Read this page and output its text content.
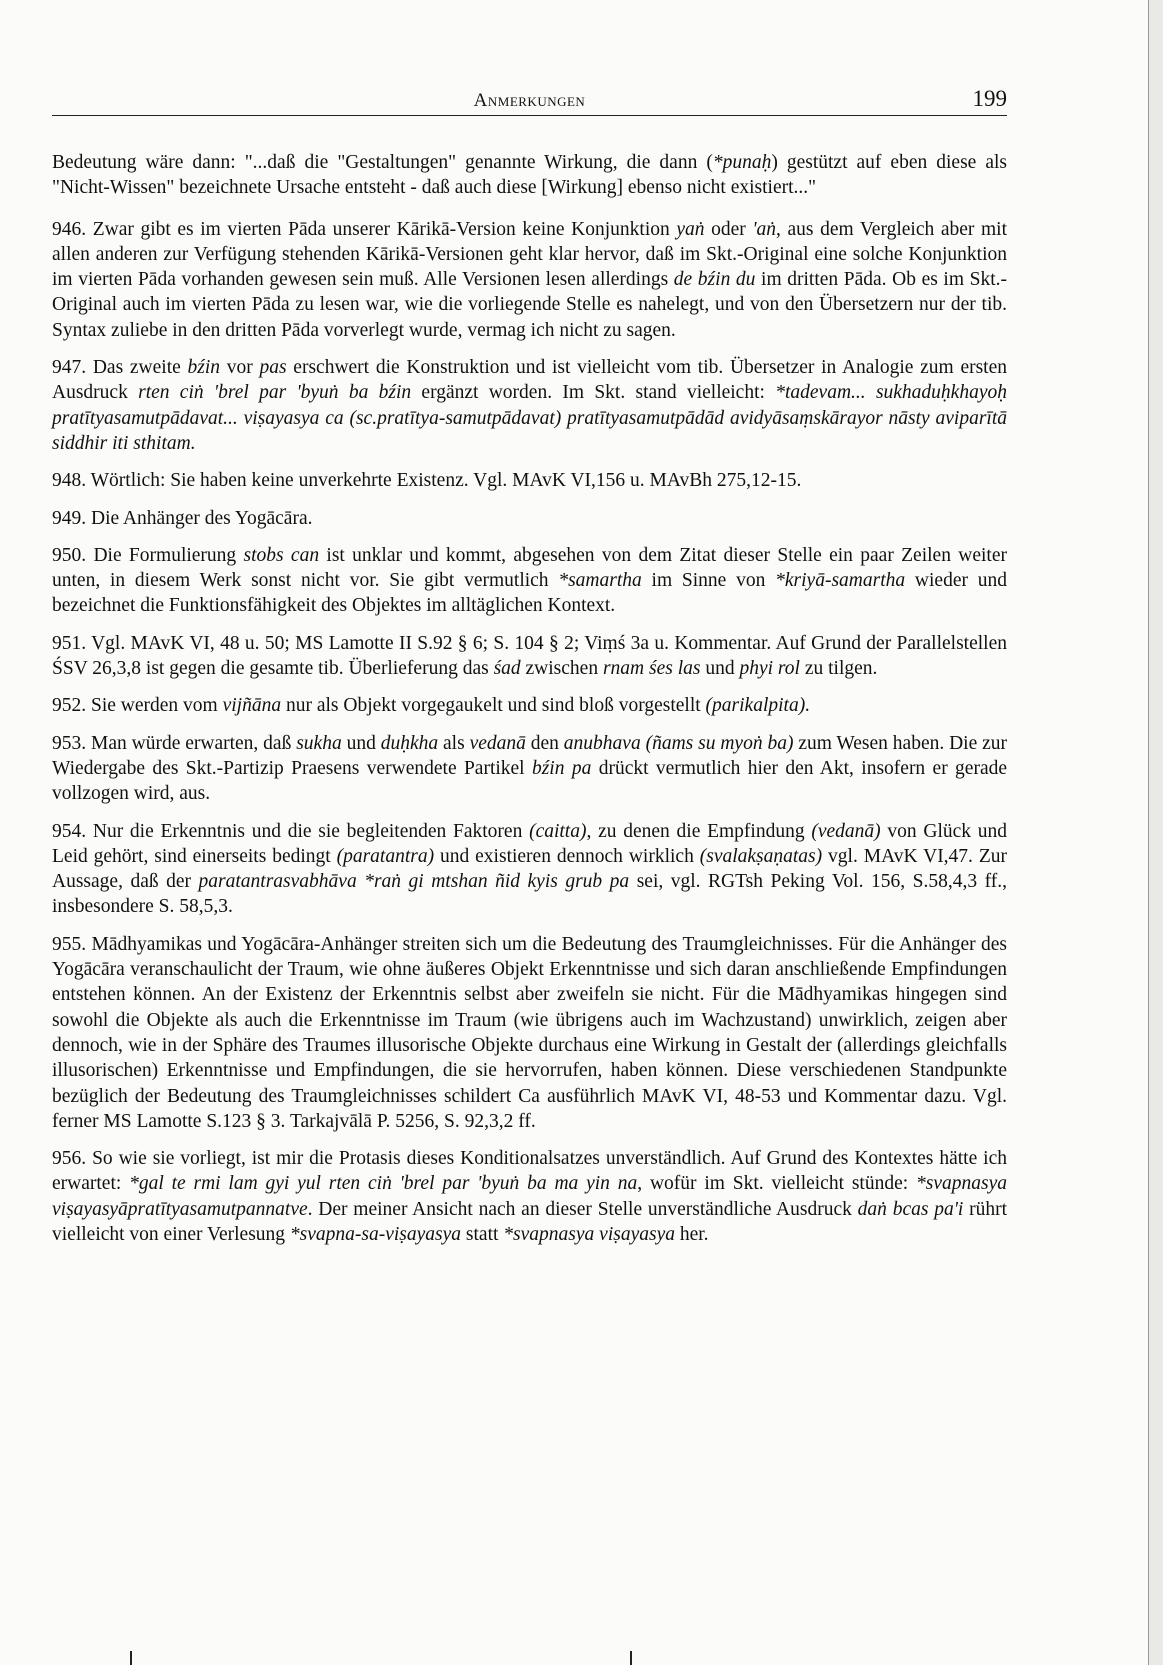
Anmerkungen	199

Bedeutung wäre dann: "...daß die "Gestaltungen" genannte Wirkung, die dann (*punaḥ) gestützt auf eben diese als "Nicht-Wissen" bezeichnete Ursache entsteht - daß auch diese [Wirkung] ebenso nicht existiert..."

946. Zwar gibt es im vierten Pāda unserer Kārikā-Version keine Konjunktion yaṅ oder 'aṅ, aus dem Vergleich aber mit allen anderen zur Verfügung stehenden Kārikā-Versionen geht klar hervor, daß im Skt.-Original eine solche Konjunktion im vierten Pāda vorhanden gewesen sein muß. Alle Versionen lesen allerdings de bźin du im dritten Pāda. Ob es im Skt.-Original auch im vierten Pāda zu lesen war, wie die vorliegende Stelle es nahelegt, und von den Übersetzern nur der tib. Syntax zuliebe in den dritten Pāda vorverlegt wurde, vermag ich nicht zu sagen.

947. Das zweite bźin vor pas erschwert die Konstruktion und ist vielleicht vom tib. Übersetzer in Analogie zum ersten Ausdruck rten ciṅ 'brel par 'byuṅ ba bźin ergänzt worden. Im Skt. stand vielleicht: *tadevam... sukhaduḥkhayoḥ pratītyasamutpādavat... viṣayasya ca (sc.pratītya-samutpādavat) pratītyasamutpādād avidyāsaṃskārayor nāsty aviparītā siddhir iti sthitam.

948. Wörtlich: Sie haben keine unverkehrte Existenz. Vgl. MAvK VI,156 u. MAvBh 275,12-15.

949. Die Anhänger des Yogācāra.

950. Die Formulierung stobs can ist unklar und kommt, abgesehen von dem Zitat dieser Stelle ein paar Zeilen weiter unten, in diesem Werk sonst nicht vor. Sie gibt vermutlich *samartha im Sinne von *kriyā-samartha wieder und bezeichnet die Funktionsfähigkeit des Objektes im alltäglichen Kontext.

951. Vgl. MAvK VI, 48 u. 50; MS Lamotte II S.92 § 6; S. 104 § 2; Viṃś 3a u. Kommentar. Auf Grund der Parallelstellen ŚSV 26,3,8 ist gegen die gesamte tib. Überlieferung das śad zwischen rnam śes las und phyi rol zu tilgen.

952. Sie werden vom vijñāna nur als Objekt vorgegaukelt und sind bloß vorgestellt (parikalpita).

953. Man würde erwarten, daß sukha und duḥkha als vedanā den anubhava (ñams su myoṅ ba) zum Wesen haben. Die zur Wiedergabe des Skt.-Partizip Praesens verwendete Partikel bźin pa drückt vermutlich hier den Akt, insofern er gerade vollzogen wird, aus.

954. Nur die Erkenntnis und die sie begleitenden Faktoren (caitta), zu denen die Empfindung (vedanā) von Glück und Leid gehört, sind einerseits bedingt (paratantra) und existieren dennoch wirklich (svalakṣaṇatas) vgl. MAvK VI,47. Zur Aussage, daß der paratantrasvabhāva *raṅ gi mtshan ñid kyis grub pa sei, vgl. RGTsh Peking Vol. 156, S.58,4,3 ff., insbesondere S. 58,5,3.

955. Mādhyamikas und Yogācāra-Anhänger streiten sich um die Bedeutung des Traumgleichnisses. Für die Anhänger des Yogācāra veranschaulicht der Traum, wie ohne äußeres Objekt Erkenntnisse und sich daran anschließende Empfindungen entstehen können. An der Existenz der Erkenntnis selbst aber zweifeln sie nicht. Für die Mādhyamikas hingegen sind sowohl die Objekte als auch die Erkenntnisse im Traum (wie übrigens auch im Wachzustand) unwirklich, zeigen aber dennoch, wie in der Sphäre des Traumes illusorische Objekte durchaus eine Wirkung in Gestalt der (allerdings gleichfalls illusorischen) Erkenntnisse und Empfindungen, die sie hervorrufen, haben können. Diese verschiedenen Standpunkte bezüglich der Bedeutung des Traumgleichnisses schildert Ca ausführlich MAvK VI, 48-53 und Kommentar dazu. Vgl. ferner MS Lamotte S.123 § 3. Tarkajvālā P. 5256, S. 92,3,2 ff.

956. So wie sie vorliegt, ist mir die Protasis dieses Konditionalsatzes unverständlich. Auf Grund des Kontextes hätte ich erwartet: *gal te rmi lam gyi yul rten ciṅ 'brel par 'byuṅ ba ma yin na, wofür im Skt. vielleicht stünde: *svapnasya viṣayasyāpratītyasamutpannatve. Der meiner Ansicht nach an dieser Stelle unverständliche Ausdruck daṅ bcas pa'i rührt vielleicht von einer Verlesung *svapna-sa-viṣayasya statt *svapnasya viṣayasya her.
